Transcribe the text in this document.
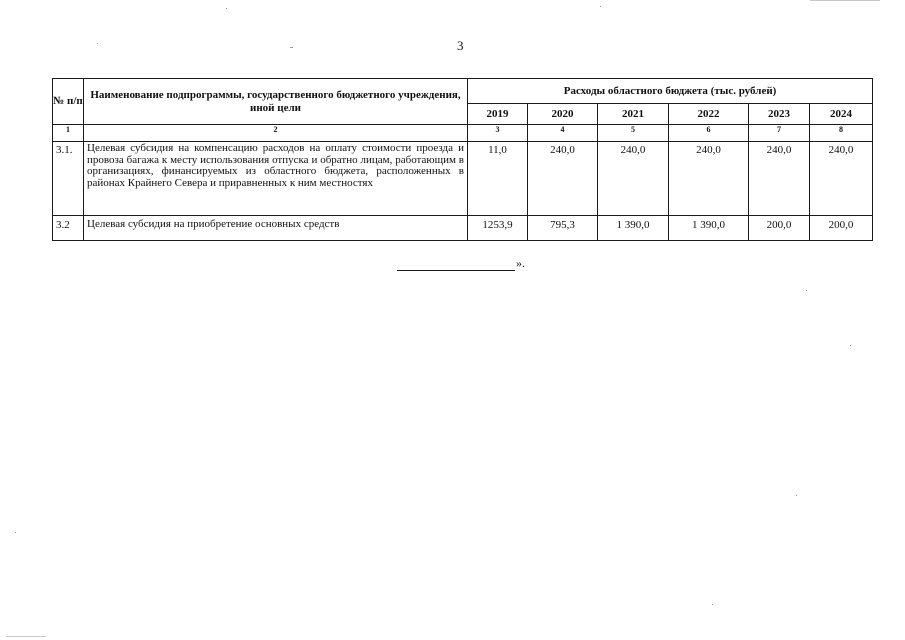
3
№ п/п	Наименование подпрограммы, государственного бюджетного учреждения, иной цели	Расходы областного бюджета (тыс. рублей)					
		2019	2020	2021	2022	2023	2024
1	2	3	4	5	6	7	8
3.1.	Целевая субсидия на компенсацию расходов на оплату стоимости проезда и провоза багажа к месту использования отпуска и обратно лицам, работающим в организациях, финансируемых из областного бюджета, расположенных в районах Крайнего Севера и приравненных к ним местностях	11,0	240,0	240,0	240,0	240,0	240,0
3.2	Целевая субсидия на приобретение основных средств	1253,9	795,3	1 390,0	1 390,0	200,0	200,0
».
